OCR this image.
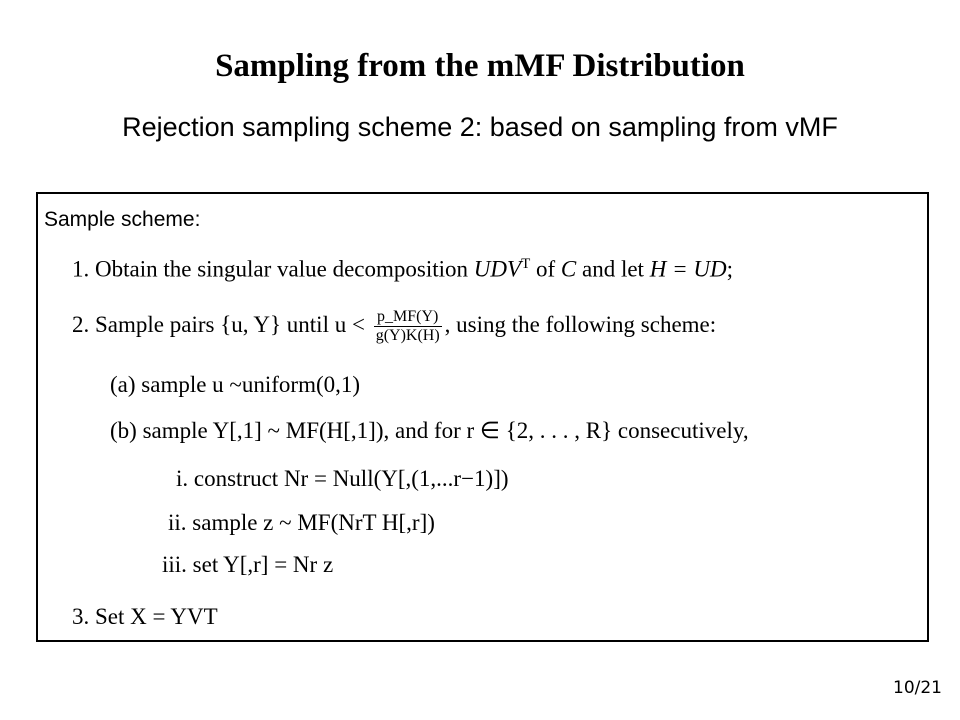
Sampling from the mMF Distribution
Rejection sampling scheme 2: based on sampling from vMF
Sample scheme:
1. Obtain the singular value decomposition $UDV^T$ of C and let H = UD;
2. Sample pairs {u, Y} until $u < \frac{p\_MF(Y)}{g(Y)K(H)}$ , using the following scheme:
(a) sample u ~uniform(0,1)
(b) sample Y[,1] ~ MF(H[,1]), and for r ∈ {2, . . . , R} consecutively,
i. construct Nr = Null(Y[,(1,...r−1)])
ii. sample z ~ MF(NrT H[,r])
iii. set Y[,r] = Nr z
3. Set X = YVT
10/21
